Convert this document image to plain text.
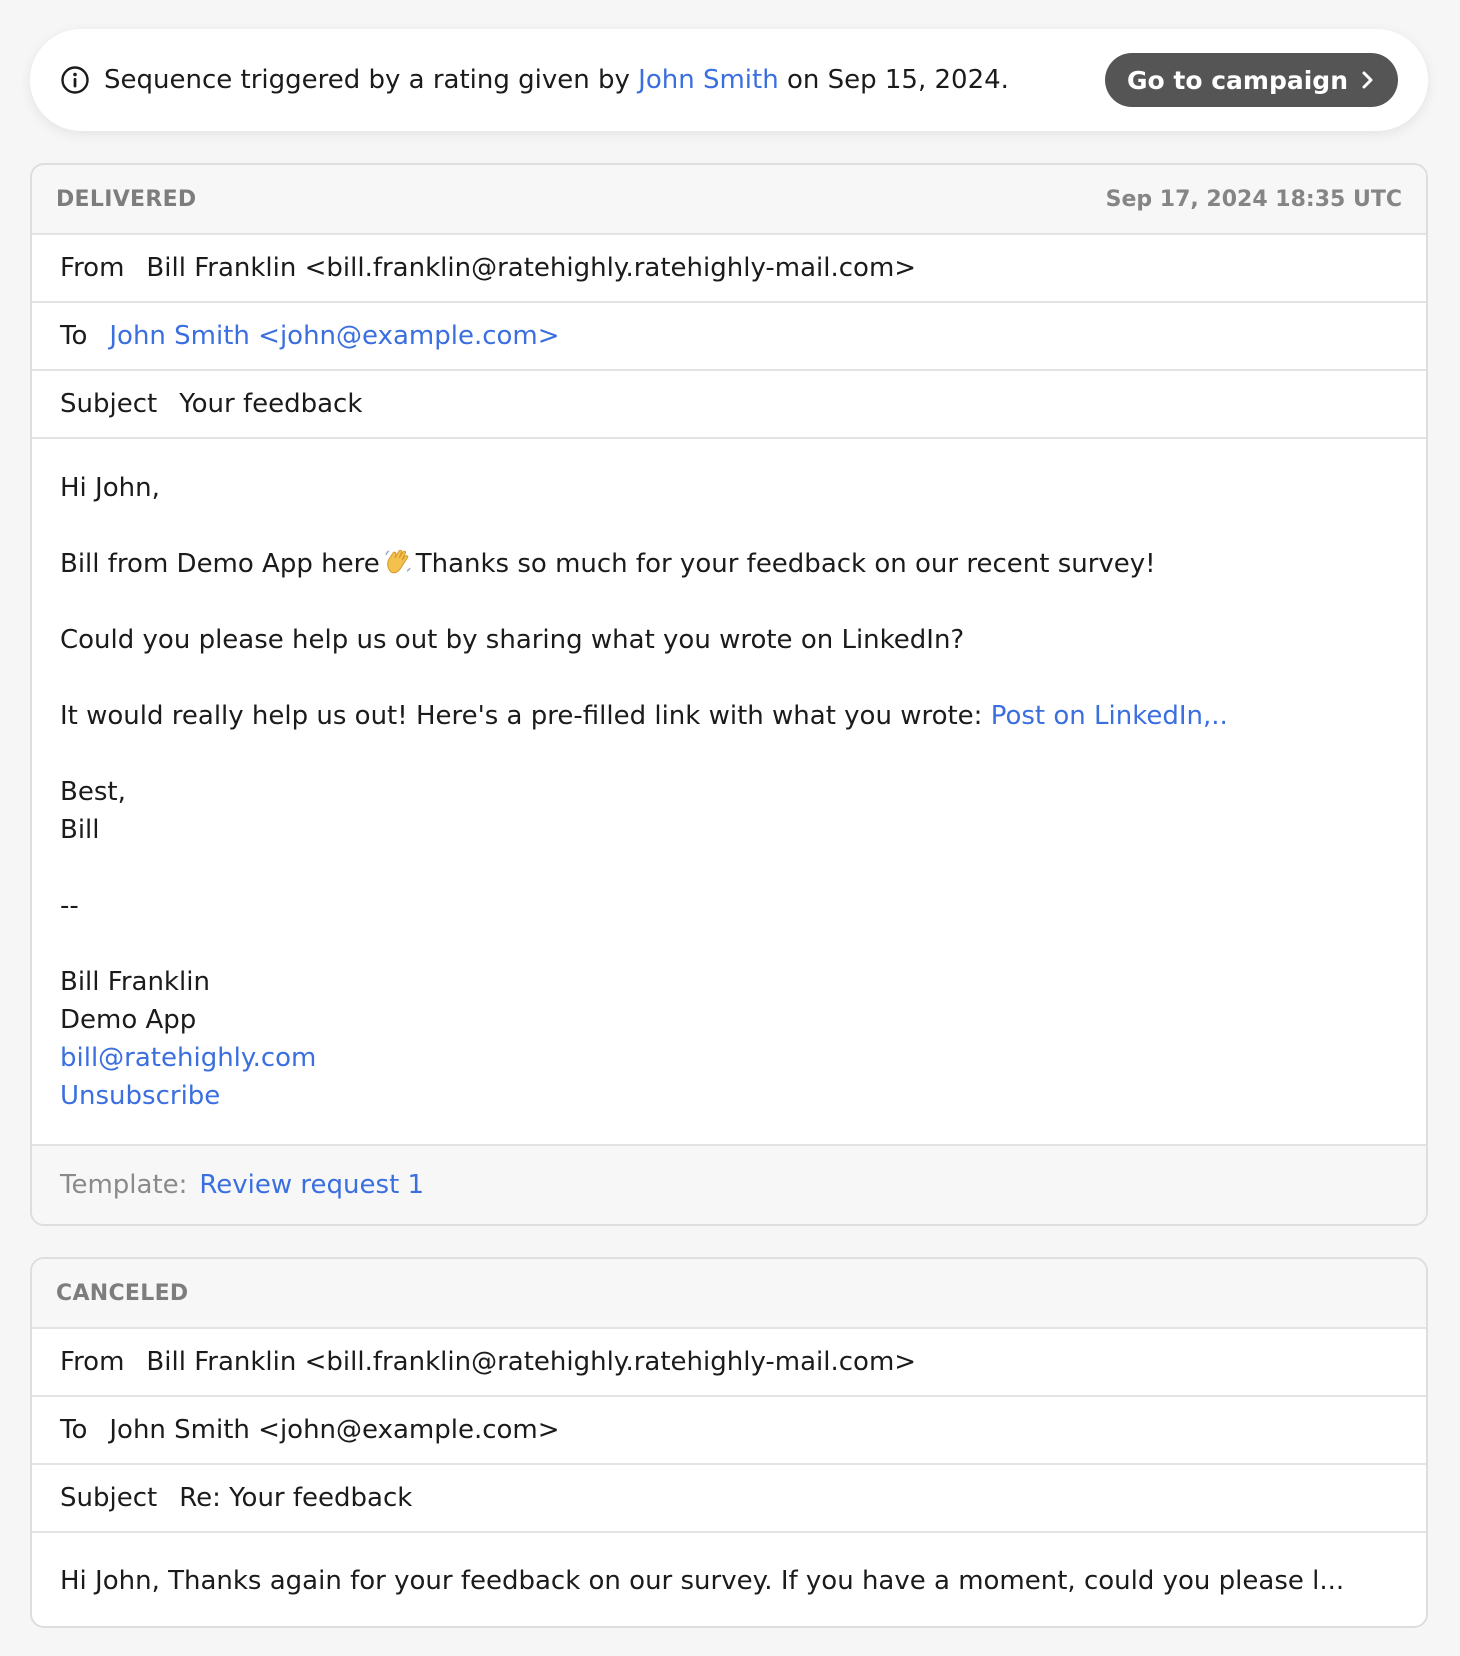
Sequence triggered by a rating given by John Smith on Sep 15, 2024.	Go to campaign
DELIVERED	Sep 17, 2024 18:35 UTC
From Bill Franklin <bill.franklin@ratehighly.ratehighly-mail.com>
To John Smith <john@example.com>
Subject Your feedback

Hi John,

Bill from Demo App here Thanks so much for your feedback on our recent survey!

Could you please help us out by sharing what you wrote on LinkedIn?

It would really help us out! Here's a pre-filled link with what you wrote: Post on LinkedIn,..

Best,

Bill

--

Bill Franklin

Demo App

bill@ratehighly.com

Unsubscribe

Template: Review request 1
CANCELED
From Bill Franklin <bill.franklin@ratehighly.ratehighly-mail.com>
To John Smith <john@example.com>
Subject Re: Your feedback
Hi John, Thanks again for your feedback on our survey. If you have a moment, could you please l...
